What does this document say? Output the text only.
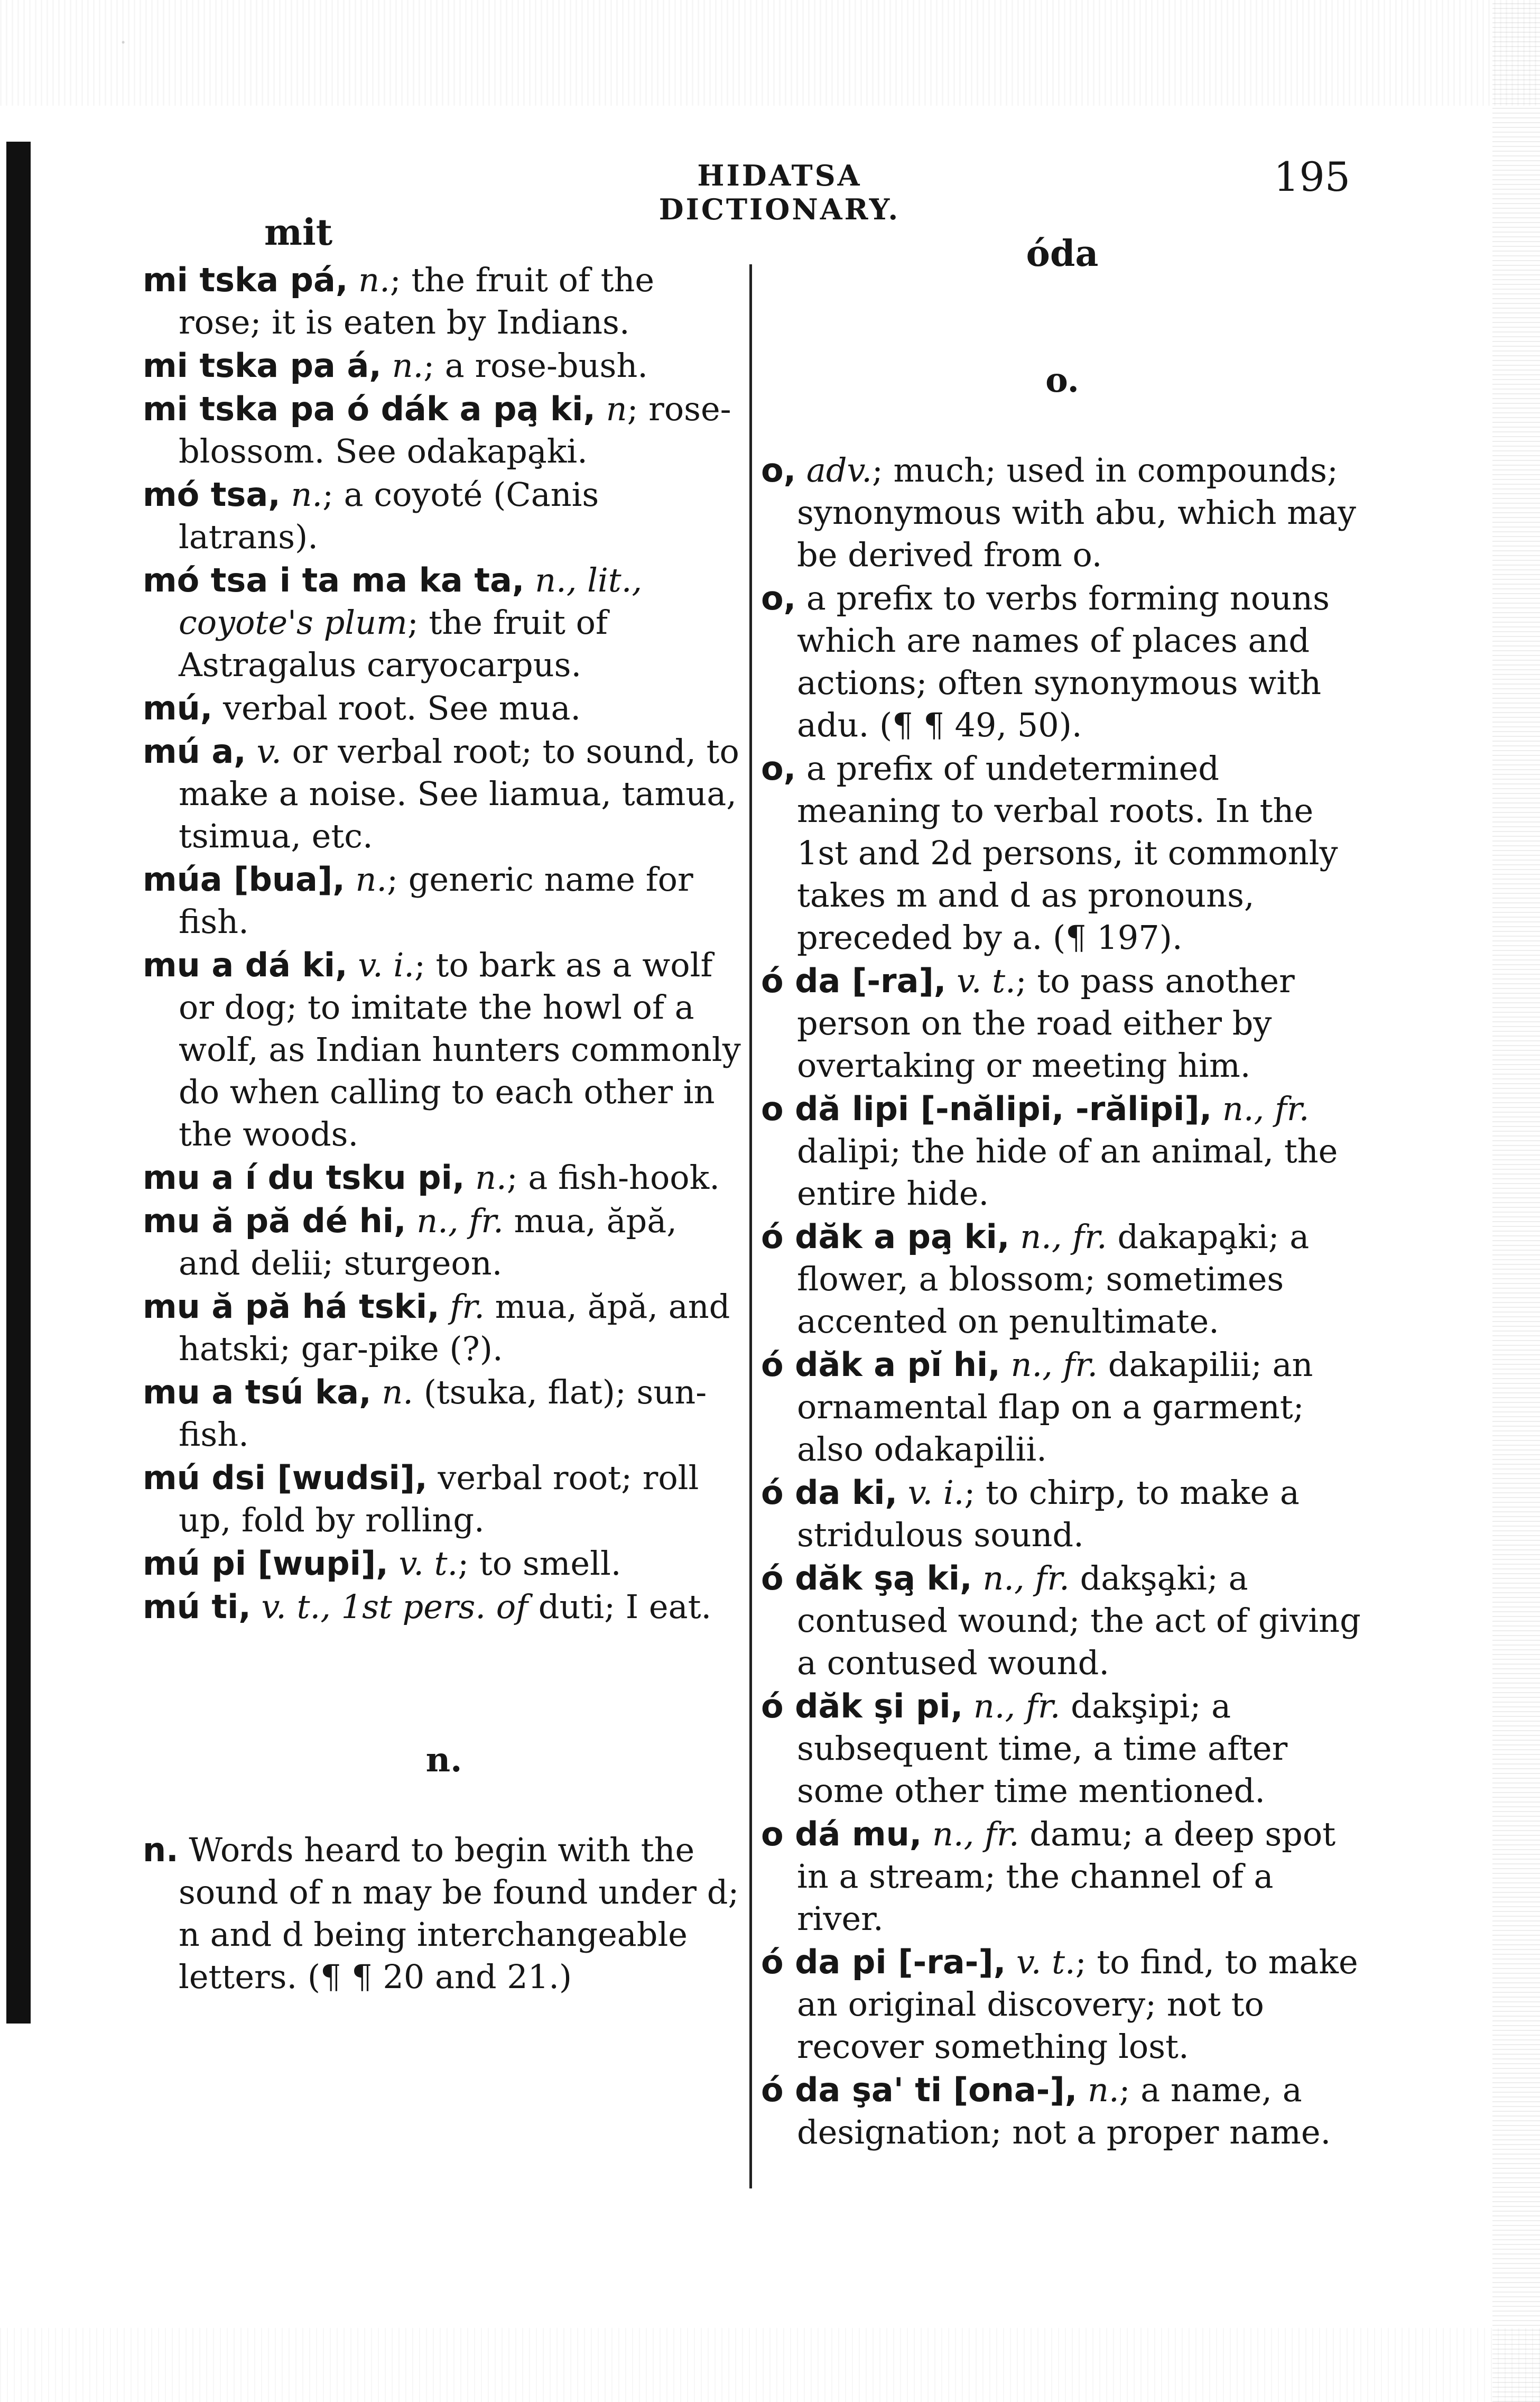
HIDATSA DICTIONARY.
195

mit

mi tska pá, n.; the fruit of the rose; it is eaten by Indians.

mi tska pa á, n.; a rose-bush.

mi tska pa ó dák a pa̧ ki, n; rose-blossom. See odakapa̧ki.

mó tsa, n.; a coyoté (Canis latrans).

mó tsa i ta ma ka ta, n., lit., coyote's plum; the fruit of Astragalus caryocarpus.

mú, verbal root. See mua.

mú a, v. or verbal root; to sound, to make a noise. See liamua, tamua, tsimua, etc.

múa [bua], n.; generic name for fish.

mu a dá ki, v. i.; to bark as a wolf or dog; to imitate the howl of a wolf, as Indian hunters commonly do when calling to each other in the woods.

mu a í du tsku pi, n.; a fish-hook.

mu ă pă dé hi, n., fr. mua, ăpă, and delii; sturgeon.

mu ă pă há tski, fr. mua, ăpă, and hatski; gar-pike (?).

mu a tsú ka, n. (tsuka, flat); sun-fish.

mú dsi [wudsi], verbal root; roll up, fold by rolling.

mú pi [wupi], v. t.; to smell.

mú ti, v. t., 1st pers. of duti; I eat.

n.

n. Words heard to begin with the sound of n may be found under d; n and d being interchangeable letters. (¶ ¶ 20 and 21.)

óda

o.

o, adv.; much; used in compounds; synonymous with abu, which may be derived from o.

o, a prefix to verbs forming nouns which are names of places and actions; often synonymous with adu. (¶ ¶ 49, 50).

o, a prefix of undetermined meaning to verbal roots. In the 1st and 2d persons, it commonly takes m and d as pronouns, preceded by a. (¶ 197).

ó da [-ra], v. t.; to pass another person on the road either by overtaking or meeting him.

o dă lipi [-nălipi, -rălipi], n., fr. dalipi; the hide of an animal, the entire hide.

ó dăk a pa̧ ki, n., fr. dakapa̧ki; a flower, a blossom; sometimes accented on penultimate.

ó dăk a pĭ hi, n., fr. dakapilii; an ornamental flap on a garment; also odakapilii.

ó da ki, v. i.; to chirp, to make a stridulous sound.

ó dăk şa̧ ki, n., fr. dakşa̧ki; a contused wound; the act of giving a contused wound.

ó dăk şi pi, n., fr. dakşipi; a subsequent time, a time after some other time mentioned.

o dá mu, n., fr. damu; a deep spot in a stream; the channel of a river.

ó da pi [-ra-], v. t.; to find, to make an original discovery; not to recover something lost.

ó da şa' ti [ona-], n.; a name, a designation; not a proper name.
